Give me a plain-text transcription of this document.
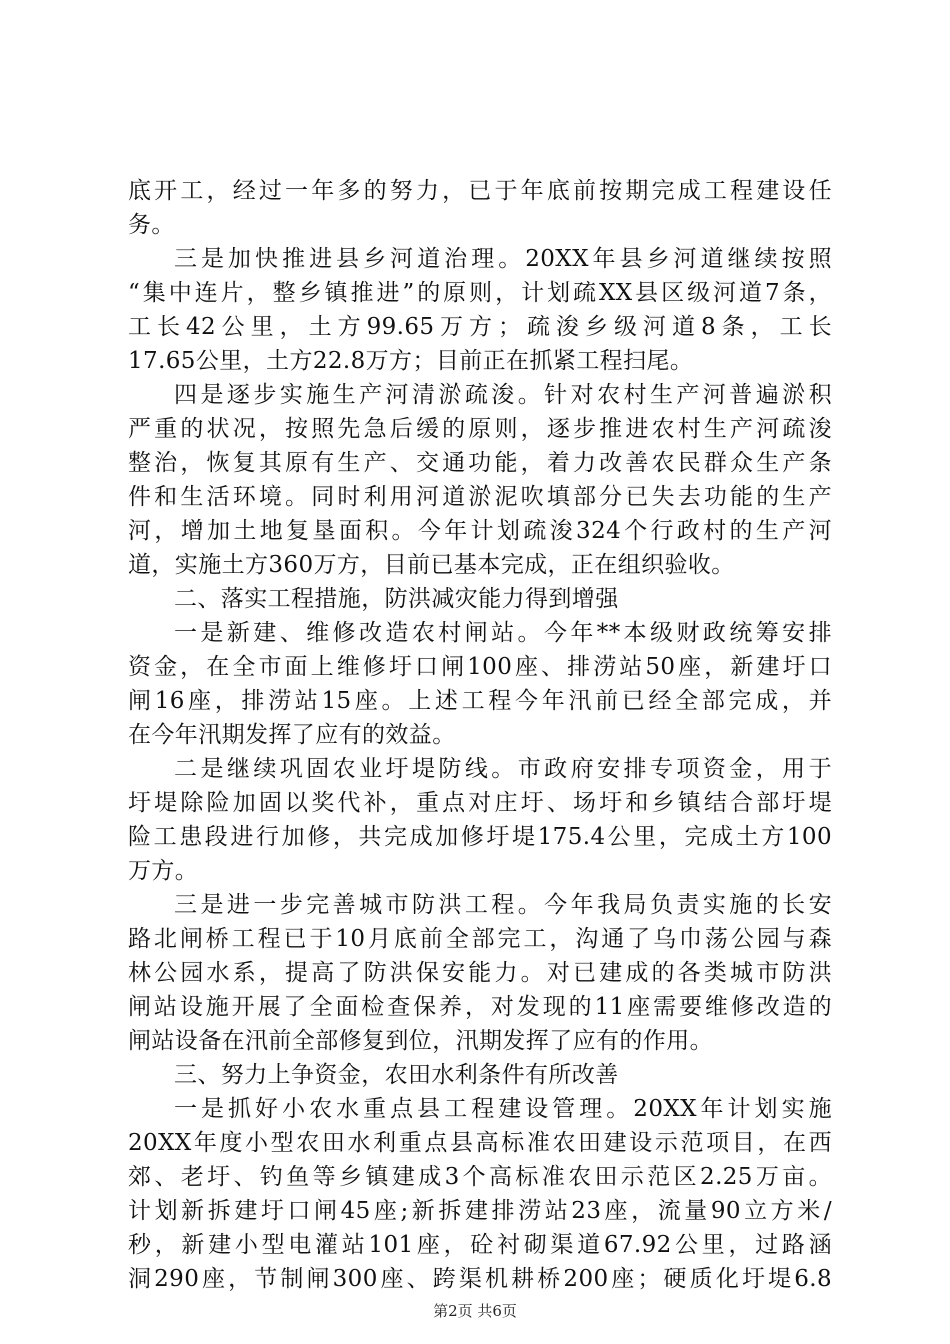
底开工，经过一年多的努力，已于年底前按期完成工程建设任
务。
三是加快推进县乡河道治理。20XX年县乡河道继续按照
“集中连片，整乡镇推进”的原则，计划疏XX县区级河道7条，
工长42公里，土方99.65万方；疏浚乡级河道8条，工长
17.65公里，土方22.8万方；目前正在抓紧工程扫尾。
四是逐步实施生产河清淤疏浚。针对农村生产河普遍淤积
严重的状况，按照先急后缓的原则，逐步推进农村生产河疏浚
整治，恢复其原有生产、交通功能，着力改善农民群众生产条
件和生活环境。同时利用河道淤泥吹填部分已失去功能的生产
河，增加土地复垦面积。今年计划疏浚324个行政村的生产河
道，实施土方360万方，目前已基本完成，正在组织验收。
二、落实工程措施，防洪减灾能力得到增强
一是新建、维修改造农村闸站。今年**本级财政统筹安排
资金，在全市面上维修圩口闸100座、排涝站50座，新建圩口
闸16座，排涝站15座。上述工程今年汛前已经全部完成，并
在今年汛期发挥了应有的效益。
二是继续巩固农业圩堤防线。市政府安排专项资金，用于
圩堤除险加固以奖代补，重点对庄圩、场圩和乡镇结合部圩堤
险工患段进行加修，共完成加修圩堤175.4公里，完成土方100
万方。
三是进一步完善城市防洪工程。今年我局负责实施的长安
路北闸桥工程已于10月底前全部完工，沟通了乌巾荡公园与森
林公园水系，提高了防洪保安能力。对已建成的各类城市防洪
闸站设施开展了全面检查保养，对发现的11座需要维修改造的
闸站设备在汛前全部修复到位，汛期发挥了应有的作用。
三、努力上争资金，农田水利条件有所改善
一是抓好小农水重点县工程建设管理。20XX年计划实施
20XX年度小型农田水利重点县高标准农田建设示范项目，在西
郊、老圩、钓鱼等乡镇建成3个高标准农田示范区2.25万亩。
计划新拆建圩口闸45座;新拆建排涝站23座，流量90立方米/
秒，新建小型电灌站101座，砼衬砌渠道67.92公里，过路涵
洞290座，节制闸300座、跨渠机耕桥200座；硬质化圩堤6.8
第2页 共6页
